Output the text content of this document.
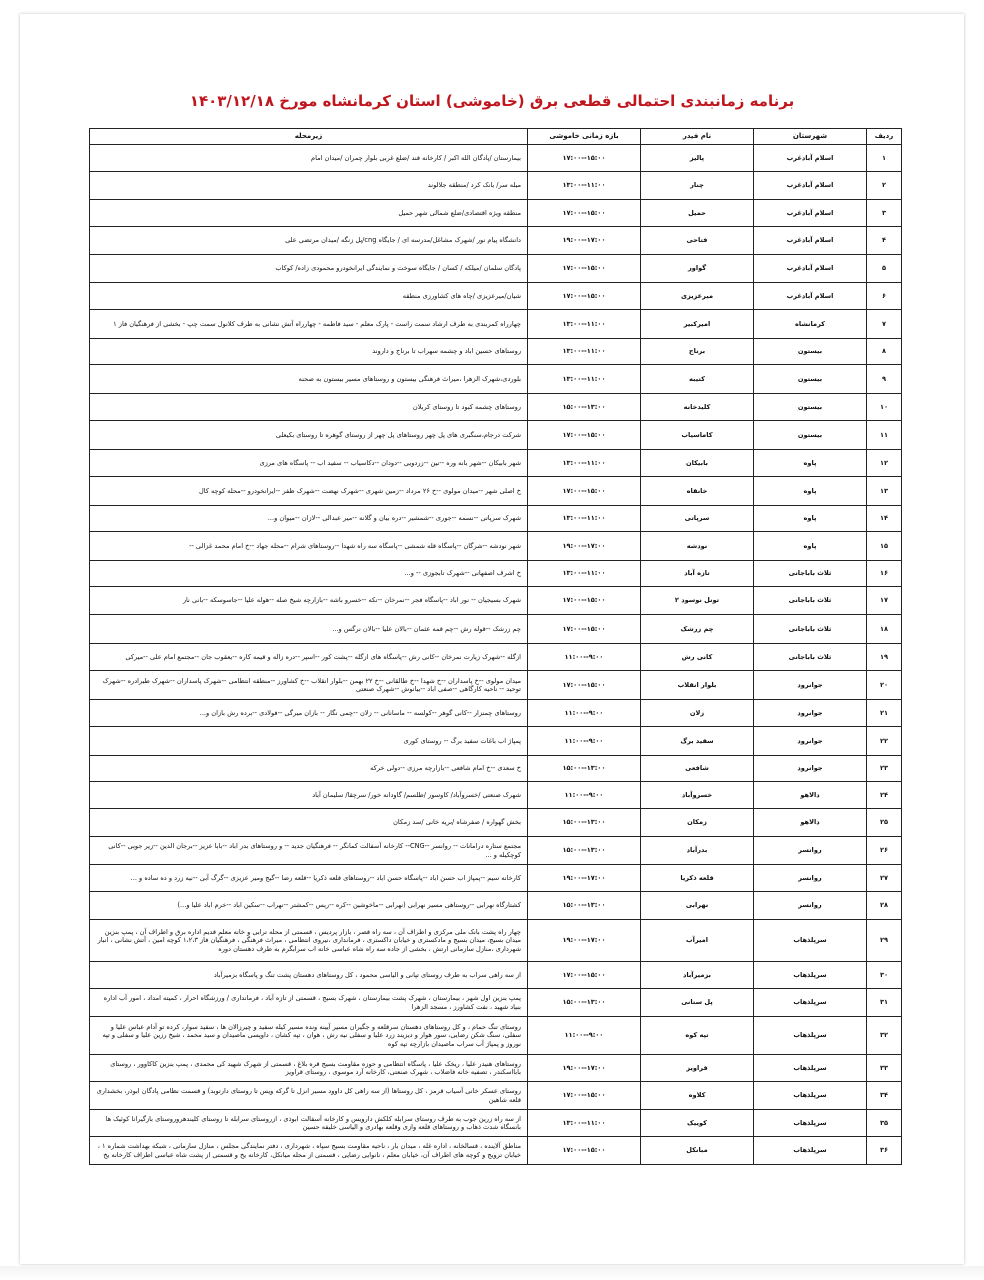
برنامه زمانبندی احتمالی قطعی برق (خاموشی) استان کرمانشاه مورخ ۱۴۰۳/۱۲/۱۸
ردیف	شهرستان	نام فیدر	بازه زمانی خاموشی	زیرمحله
۱	اسلام آبادغرب	پالیز	۱۵:۰۰--۱۷:۰۰	بیمارستان /پادگان الله اکبر / کارخانه قند /ضلع غربی بلوار چمران /میدان امام
۲	اسلام آبادغرب	چنار	۱۱:۰۰--۱۳:۰۰	میله سر/ بانک کرد /منطقه جلالوند
۳	اسلام آبادغرب	حمیل	۱۵:۰۰--۱۷:۰۰	منطقه ویژه اقتصادی/ضلع شمالی شهر حمیل
۴	اسلام آبادغرب	فتاحی	۱۷:۰۰--۱۹:۰۰	دانشگاه پیام نور /شهرک مشاغل/مدرسه ای / جایگاه cng/پل زنگه /میدان مرتضی علی
۵	اسلام آبادغرب	گواور	۱۵:۰۰--۱۷:۰۰	پادگان سلمان /میلکه / کسان / جایگاه سوخت و نمایندگی ایرانخودرو محمودی زاده/ کوکاب
۶	اسلام آبادغرب	میرعزیزی	۱۵:۰۰--۱۷:۰۰	شیان/میرعزیزی /چاه های کشاورزی منطقه
۷	کرمانشاه	امیرکبیر	۱۱:۰۰--۱۳:۰۰	چهارراه کمربندی به طرف ارشاد سمت راست - پارک معلم - سید فاطمه - چهارراه آتش نشانی به طرف کلانول سمت چپ - بخشی از فرهنگیان فاز ۱
۸	بیستون	برناج	۱۱:۰۰--۱۳:۰۰	روستاهای حسین اباد و چشمه سهراب تا برناج و داروند
۹	بیستون	کتیبه	۱۱:۰۰--۱۳:۰۰	بلوردی،شهرک الزهرا ،میراث فرهنگی بیستون و روستاهای مسیر بیستون به صحنه
۱۰	بیستون	کلیدخانه	۱۳:۰۰--۱۵:۰۰	روستاهای چشمه کبود تا روستای کربلان
۱۱	بیستون	کاماسیاب	۱۵:۰۰--۱۷:۰۰	شرکت درجام،سنگبری های پل چهر روستاهای پل چهر از روستای گوهره تا روستای بکیعلی
۱۲	پاوه	بابیکان	۱۱:۰۰--۱۳:۰۰	شهر بابیکان --شهر بانه وره --نین --زردویی --دودان --دکاسیاب -- سفید اب -- پاسگاه های مرزی
۱۳	پاوه	خانقاه	۱۵:۰۰--۱۷:۰۰	خ اصلی شهر --میدان مولوی --خ ۲۶ مرداد --زمین شهری --شهرک نهضت --شهرک ظفر --ایرانخودرو --محله کوچه کال
۱۴	پاوه	سرپاتی	۱۱:۰۰--۱۳:۰۰	شهرک سرپاتی --نسمه --جوری --شمشیر --دره بیان و گلانه --میر عبدالی --لازان --میوان و...
۱۵	پاوه	نودشه	۱۷:۰۰--۱۹:۰۰	شهر نودشه --شرگان --پاسگاه قله شمشی --پاسگاه سه راه شهدا --روستاهای شرام --محله جهاد --خ امام محمد غزالی --
۱۶	ثلاث باباجانی	تازه آباد	۱۱:۰۰--۱۳:۰۰	خ اشرف اصفهانی --شهرک تابجوزی -- و...
۱۷	ثلاث باباجانی	تونل نوسود ۲	۱۵:۰۰--۱۷:۰۰	شهرک بسیجیان -- نور اباد --پاسگاه فجر --نمرخان --نکه --خسرو باشه --بازارچه شیخ صله --هوله علیا --جاسوسکه --بانی نار
۱۸	ثلاث باباجانی	چم زرشک	۱۵:۰۰--۱۷:۰۰	چم زرشک --قوله رش --چم قمه عثمان --بالان علیا --بالان نرگس و...
۱۹	ثلاث باباجانی	کانی رش	۹:۰۰--۱۱:۰۰	ازگله --شهرک زیارت نمرخان --کانی رش --پاسگاه های ازگله --پشت کور --اسپر --دره زاله و قیمه کاره --یعقوب جان --مجتمع امام علی --میرکی
۲۰	جوانرود	بلوار انقلاب	۱۵:۰۰--۱۷:۰۰	میدان مولوی --خ پاسداران --خ شهدا --خ طالقانی --خ ۲۲ بهمن --بلوار انقلاب --خ کشاورز --منطقه انتظامی --شهرک پاسداران --شهرک طیرادره --شهرک توحید -- ناحیه کارگاهی --صفی اباد --بیانوش --شهرک صنعتی
۲۱	جوانرود	زلان	۹:۰۰--۱۱:۰۰	روستاهای چمنزار --کانی گوهر --کولسه -- ماسانانی -- زلان --چمی نگار -- بازان میرگی --فولادی --برده رش بازان و...
۲۲	جوانرود	سفید برگ	۹:۰۰--۱۱:۰۰	پمپاژ اب باغات سفید برگ -- روستای کوری
۲۳	جوانرود	شافعی	۱۳:۰۰--۱۵:۰۰	خ سعدی --خ امام شافعی --بازارچه مرزی --دولی خرکه
۲۴	دالاهو	خسروآباد	۹:۰۰--۱۱:۰۰	شهرک صنعتی /خسروآباد/ کاوسور /طلسم/ گاودانه خور/ سرچقا/ سلیمان آباد
۲۵	دالاهو	زمکان	۱۳:۰۰--۱۵:۰۰	بخش گهواره / صفرشاه /بریه خانی /سد زمکان
۲۶	روانسر	بدرآباد	۱۳:۰۰--۱۵:۰۰	مجتمع ستاره درامانات -- روانسر --CNG-- کارخانه آسفالت کمانگر -- فرهنگیان جدید -- و روستاهای بدر اباد --بابا عزیز --برجان الدین --زیر جوبی --کانی کوچکیله و ...
۲۷	روانسر	قلعه ذکریا	۱۷:۰۰--۱۹:۰۰	کارخانه سیم --پمپاژ اب حسن اباد --پاسگاه حسن اباد --روستاهای قلعه ذکریا --قلعه رضا --گیج ومیر عزیزی --گرگ آبی --نیه زرد و ده ساده و ...
۲۸	روانسر	نهرابی	۱۳:۰۰--۱۵:۰۰	کشتارگاه نهرابی --روستاهی مسیر نهرابی (نهرابی --ماخوشین --کره --ریس --کمشتر --نهراب --سکین اباد --خرم اباد علیا و...)
۲۹	سرپلذهاب	امیرآب	۱۷:۰۰--۱۹:۰۰	چهار راه پشت بانک ملی مرکزی و اطراف آن ، سه راه قصر ، بازار پردیس ، قسمتی از محله ترابی و خانه معلم قدیم اداره برق و اطراف آن ، پمپ بنزین میدان بسیج، میدان بسیج و مادکستری و خیابان داکستری ، فرمانداری ،نیروی انتظامی ، میراث فرهنگی ، فرهنگیان فاز ۱،۲،۳ کوچه امین ، آتش نشانی ، انبار شهرداری ،منازل سازمانی ارتش ، بخشی از جاده سه راه شاه عباسی خانه اب سرابگرم به طرف دهستان دوره
۳۰	سرپلذهاب	بزمیرآباد	۱۵:۰۰--۱۷:۰۰	از سه راهی سراب به طرف روستای تپانی و الیاسی محمود ، کل روستاهای دهستان پشت تنگ و پاسگاه بزمیرآباد
۳۱	سرپلذهاب	پل ستانی	۱۳:۰۰--۱۵:۰۰	پمپ بنزین اول شهر ، بیمارستان ، شهرک پشت بیمارستان ، شهرک بسیج ، قسمتی از تازه آباد ، فرمانداری / ورزشگاه احرار ، کمیته امداد ، امور آب اداره بنیاد شهید ، نفت کشاورز ، مسجد الزهرا
۳۲	سرپلذهاب	تپه کوه	۹:۰۰--۱۱:۰۰	روستای تنگ حمام ، و کل روستاهای دهستان سرقلعه و جگیران مسیر آیینه ونده مسیر کیله سفید و چیرزالان ها ، سفید سوار، کرده تو آدام عباس علیا و سفلی، سنگ شکن رضایی، سور هوار و دیزیند زرد علیا و سفلی نیه رش ، هوان ، تپه کشان ، داوپسی ماصیدان و سید محمد ، شیخ رزین علیا و سفلی و تپه نوروز و پمپاژ آب سراب ماصیدان بازارچه تپه کوه
۳۳	سرپلذهاب	قراویز	۱۷:۰۰--۱۹:۰۰	روستاهای هنیدر علیا ، ریخک علیا ، پاسگاه انتظامی و حوزه مقاومت بسیج قره بلاغ ، قسمتی از شهرک شهید کی محمدی ، پمپ بنزین کاکاوور ، روستای بابااسکندر ، تصفیه خانه فاضلاب ، شهرک صنعتی، کارخانه آرد موسوی ، روستای قراویز
۳۴	سرپلذهاب	کلاوه	۱۵:۰۰--۱۷:۰۰	روستای عسکر خانی آسیاب قرمز ، کل روستاها (از سه راهی کل داوود مسیر انزل تا گرکه ویس تا روستای دارتوبد) و قسمت نظامی پادگان ابوذر، بخشداری قلعه شاهین
۳۵	سرپلذهاب	کوییک	۱۱:۰۰--۱۳:۰۰	از سه راه زرین جوب به طرف روستای سرابله کلکش دارویس و کارخانه آسفالت ابوذی ، ازروستای سرابله تا روستای کلیندهروروستای بازگیرانا کوئیک ها بانسگاه شدت ذهاب و روستاهای قلعه وازی وقلعه بهادری و الیاسی خلیفه حسین
۳۶	سرپلذهاب	مبانکل	۱۵:۰۰--۱۷:۰۰	مناطق آلاینده ، قسالخانه ، اداره غله ، میدان بار ، ناحیه مقاومت بسیج سپاه ، شهرداری ، دفتر نمایندگی مجلس ، منازل سازمانی ، شبکه بهداشت شماره ۱ ، خیابان ترویج و کوچه های اطراف آن، خیابان معلم ، نانوایی رضایی ، قسمتی از محله میانکل، کارخانه یخ و قسمتی از پشت شاه عباسی اطراف کارخانه یخ
